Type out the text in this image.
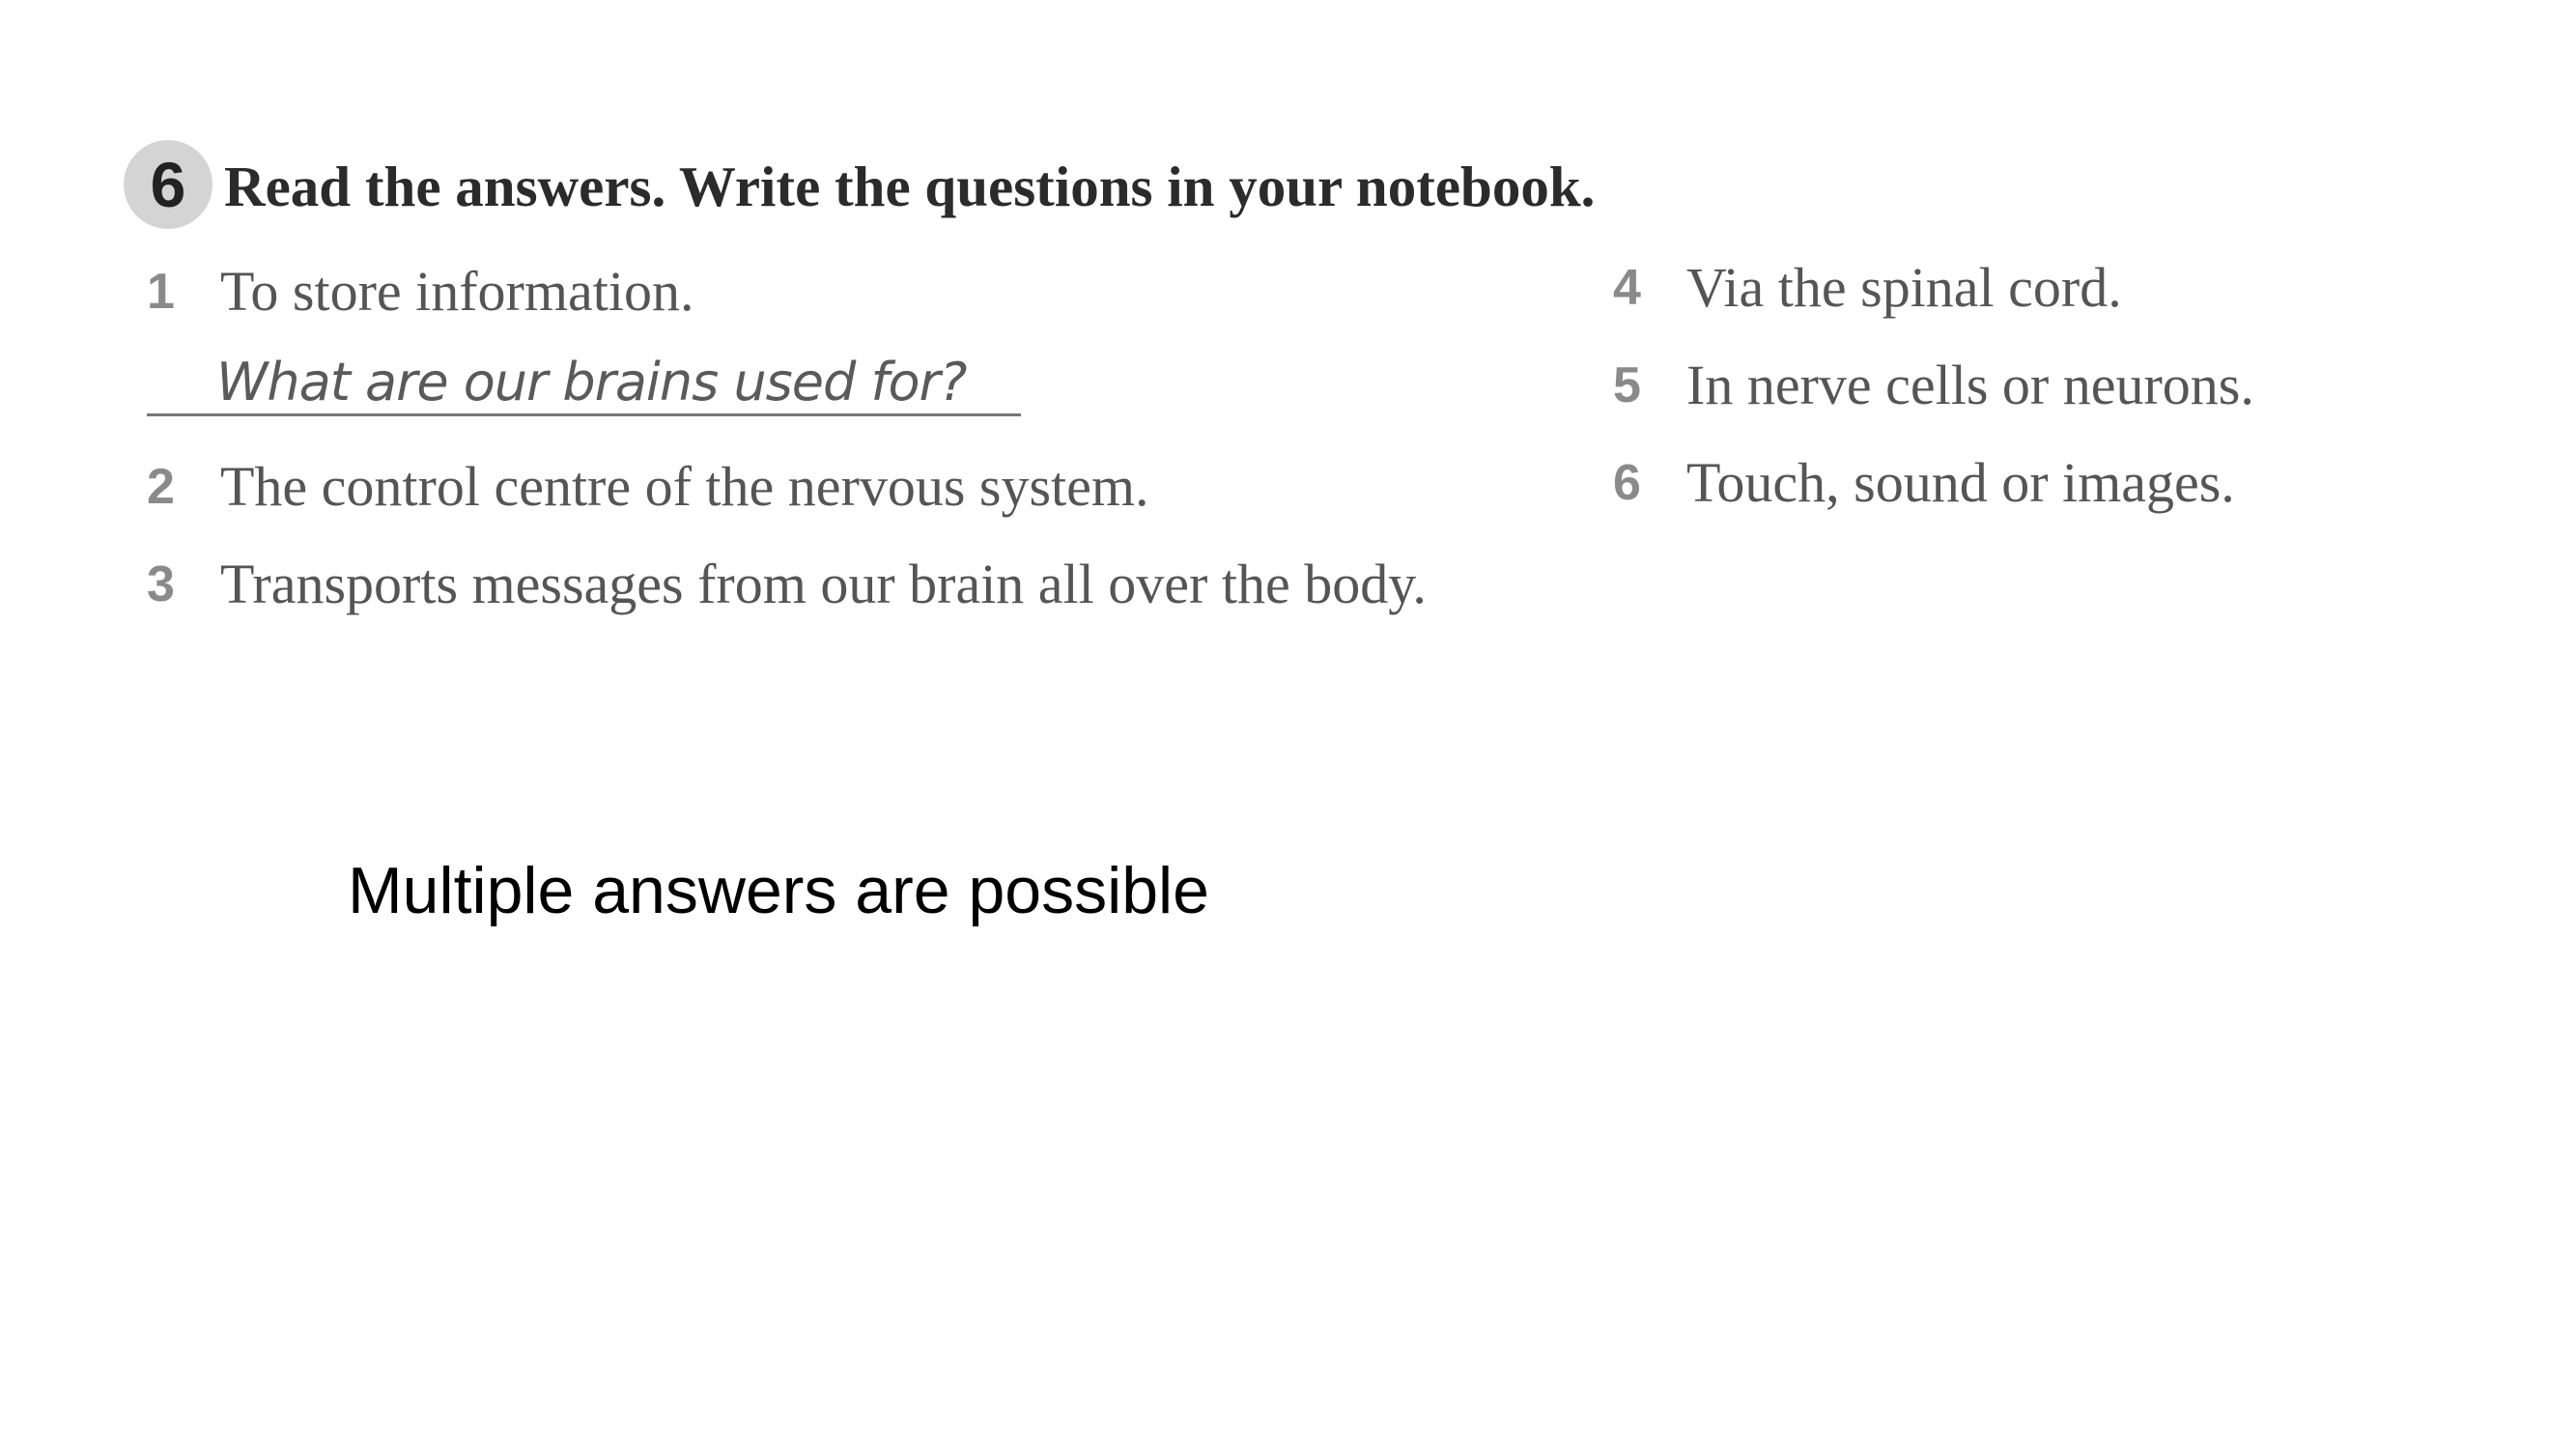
6 Read the answers. Write the questions in your notebook.
1 To store information.
What are our brains used for?
2 The control centre of the nervous system.
3 Transports messages from our brain all over the body.
4 Via the spinal cord.
5 In nerve cells or neurons.
6 Touch, sound or images.
Multiple answers are possible
